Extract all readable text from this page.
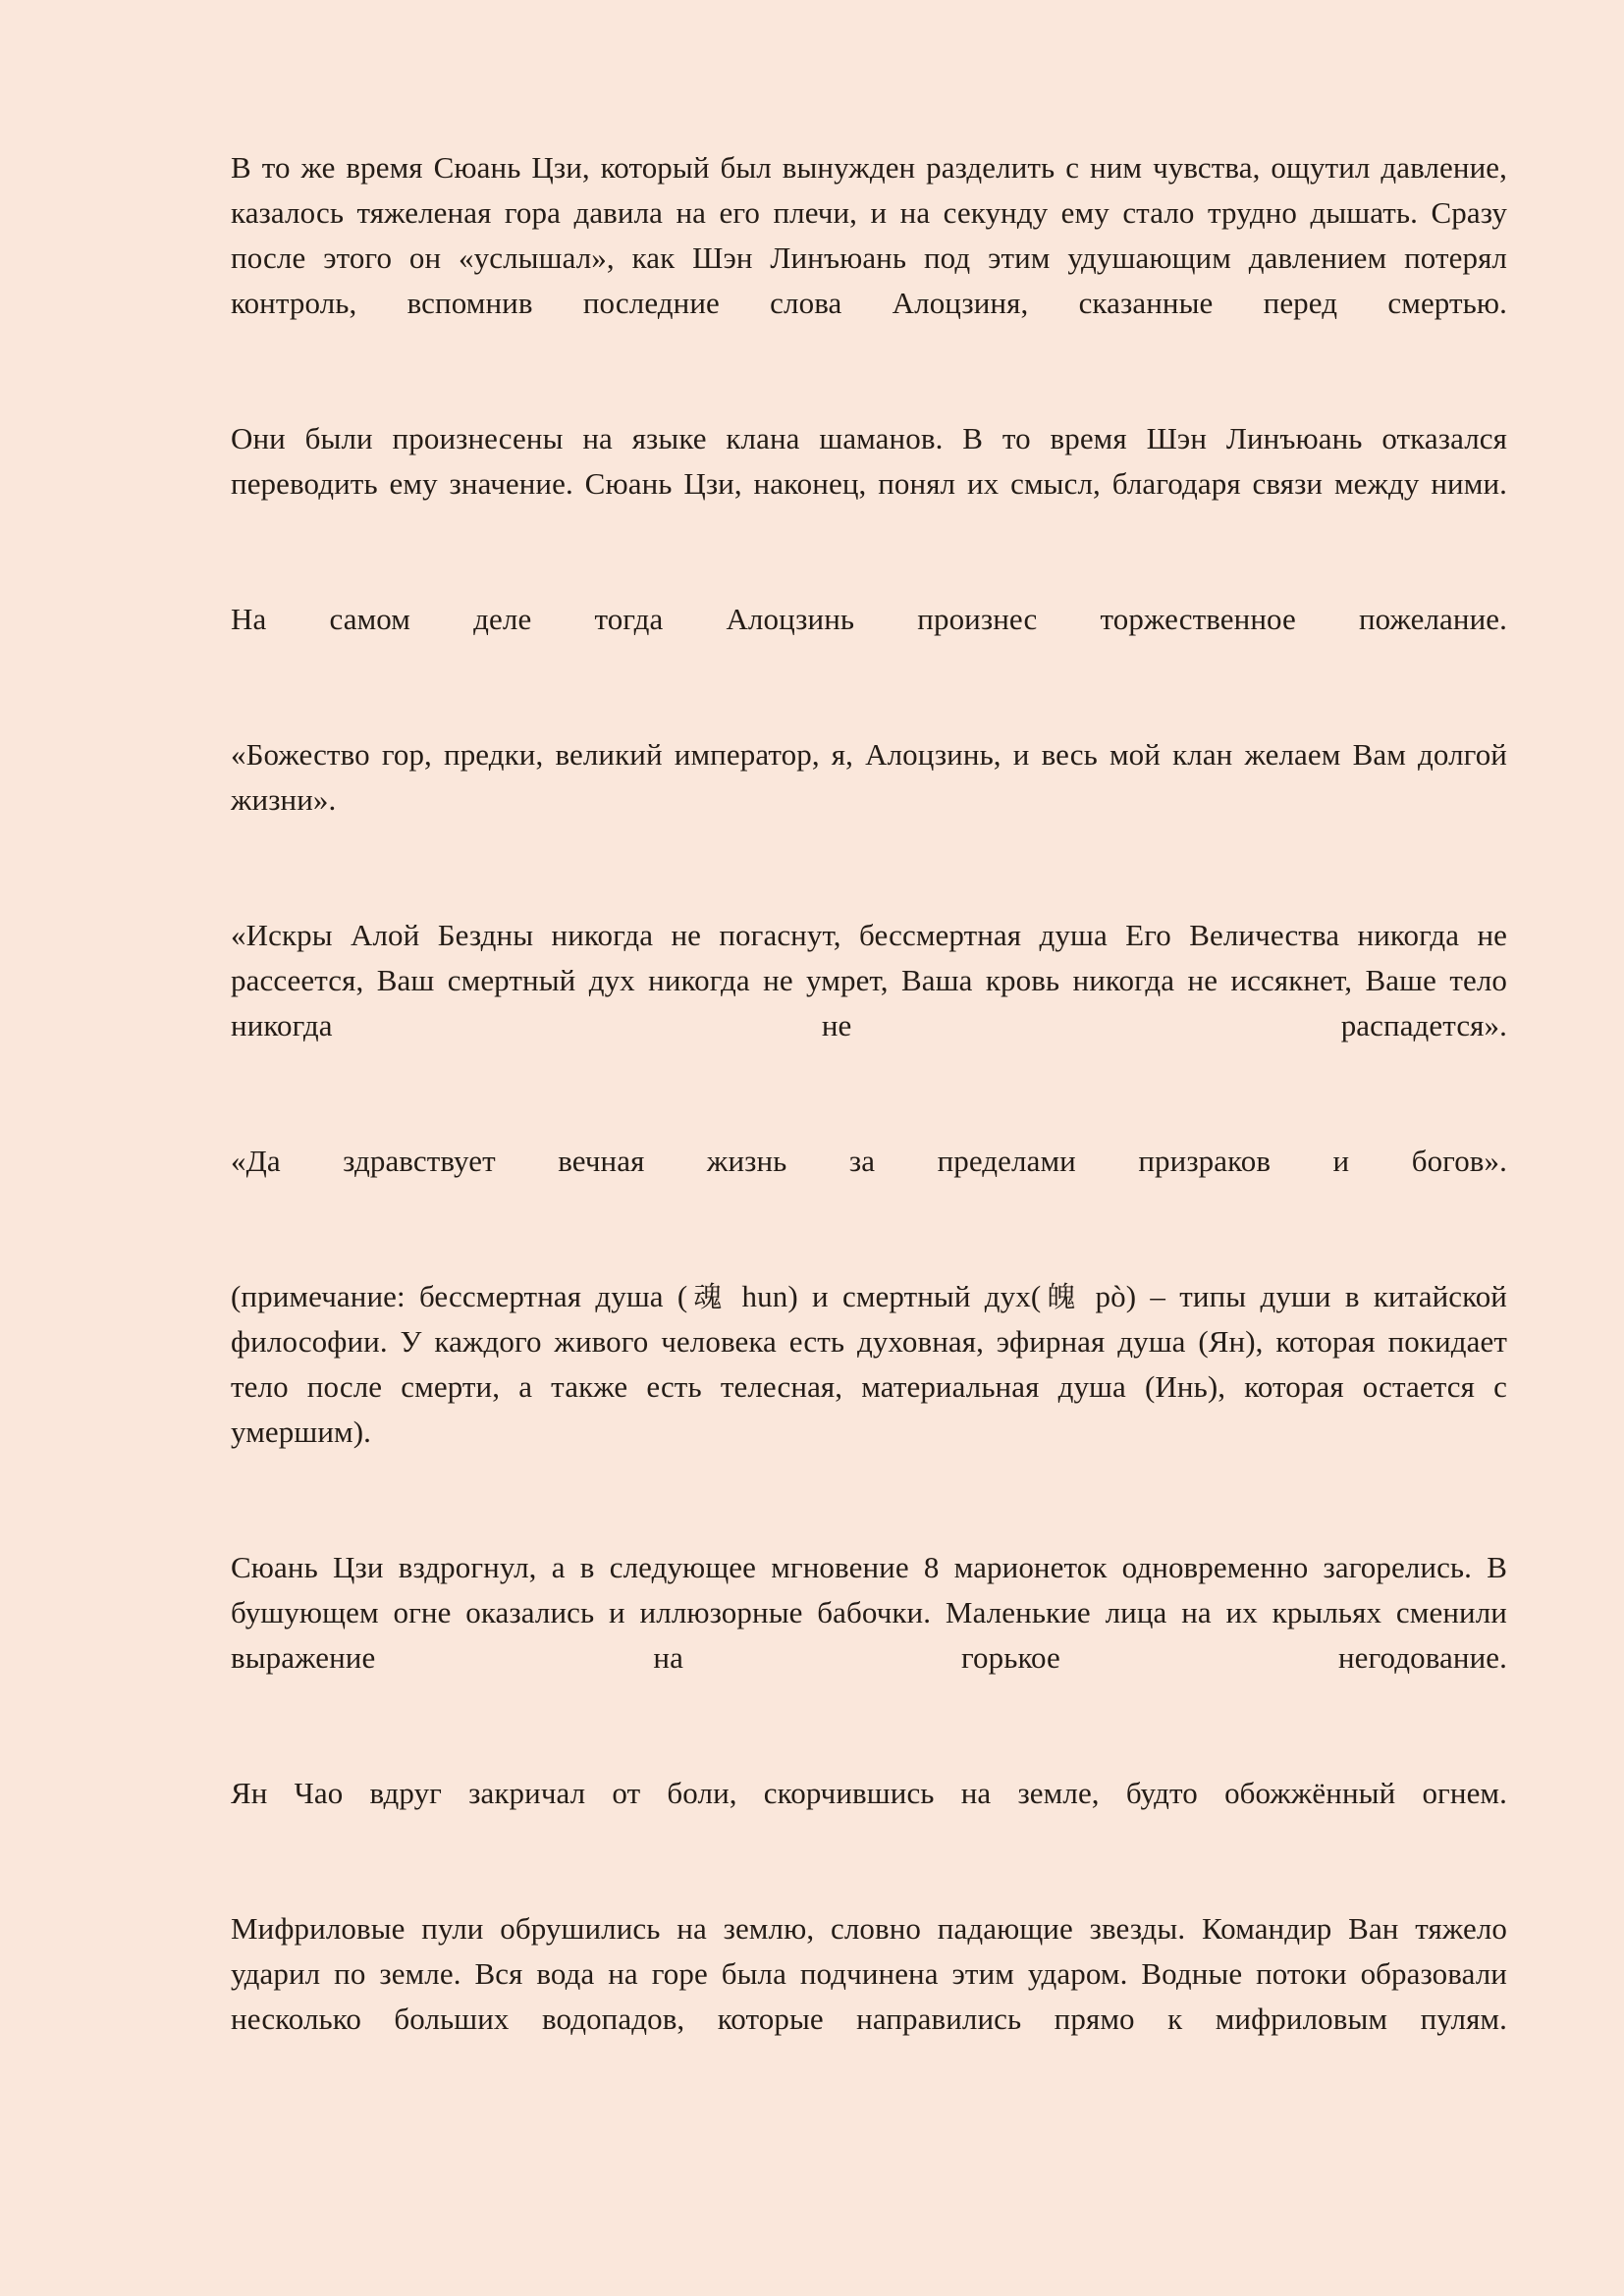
В то же время Сюань Цзи, который был вынужден разделить с ним чувства, ощутил давление, казалось тяжеленая гора давила на его плечи, и на секунду ему стало трудно дышать. Сразу после этого он «услышал», как Шэн Линъюань под этим удушающим давлением потерял контроль, вспомнив последние слова Алоцзиня, сказанные перед смертью.

Они были произнесены на языке клана шаманов. В то время Шэн Линъюань отказался переводить ему значение. Сюань Цзи, наконец, понял их смысл, благодаря связи между ними.

На самом деле тогда Алоцзинь произнес торжественное пожелание.

«Божество гор, предки, великий император, я, Алоцзинь, и весь мой клан желаем Вам долгой жизни».

«Искры Алой Бездны никогда не погаснут, бессмертная душа Его Величества никогда не рассеется, Ваш смертный дух никогда не умрет, Ваша кровь никогда не иссякнет, Ваше тело никогда не распадется».

«Да здравствует вечная жизнь за пределами призраков и богов».

(примечание: бессмертная душа (魂 hun) и смертный дух(魄 pò) – типы души в китайской философии. У каждого живого человека есть духовная, эфирная душа (Ян), которая покидает тело после смерти, а также есть телесная, материальная душа (Инь), которая остается с умершим).

Сюань Цзи вздрогнул, а в следующее мгновение 8 марионеток одновременно загорелись. В бушующем огне оказались и иллюзорные бабочки. Маленькие лица на их крыльях сменили выражение на горькое негодование.

Ян Чао вдруг закричал от боли, скорчившись на земле, будто обожжённый огнем.

Мифриловые пули обрушились на землю, словно падающие звезды. Командир Ван тяжело ударил по земле. Вся вода на горе была подчинена этим ударом. Водные потоки образовали несколько больших водопадов, которые направились прямо к мифриловым пулям.
